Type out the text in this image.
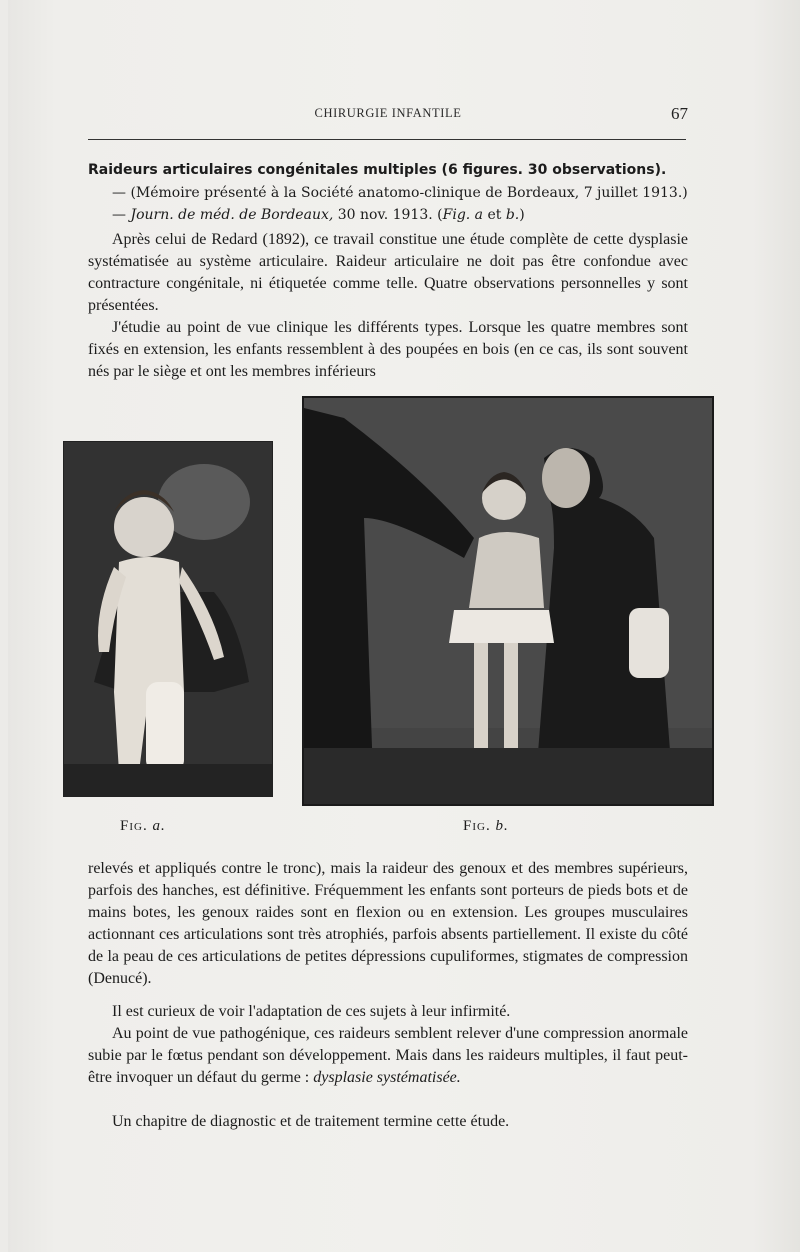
CHIRURGIE INFANTILE	67
Raideurs articulaires congénitales multiples (6 figures. 30 observations).
— (Mémoire présenté à la Société anatomo-clinique de Bordeaux, 7 juillet 1913.) — Journ. de méd. de Bordeaux, 30 nov. 1913. (Fig. a et b.)
Après celui de Redard (1892), ce travail constitue une étude complète de cette dysplasie systématisée au système articulaire. Raideur articulaire ne doit pas être confondue avec contracture congénitale, ni étiquetée comme telle. Quatre observations personnelles y sont présentées.
J'étudie au point de vue clinique les différents types. Lorsque les quatre membres sont fixés en extension, les enfants ressemblent à des poupées en bois (en ce cas, ils sont souvent nés par le siège et ont les membres inférieurs
Fig. a.	Fig. b.
relevés et appliqués contre le tronc), mais la raideur des genoux et des membres supérieurs, parfois des hanches, est définitive. Fréquemment les enfants sont porteurs de pieds bots et de mains botes, les genoux raides sont en flexion ou en extension. Les groupes musculaires actionnant ces articulations sont très atrophiés, parfois absents partiellement. Il existe du côté de la peau de ces articulations de petites dépressions cupuliformes, stigmates de compression (Denucé).
Il est curieux de voir l'adaptation de ces sujets à leur infirmité.
Au point de vue pathogénique, ces raideurs semblent relever d'une compression anormale subie par le fœtus pendant son développement. Mais dans les raideurs multiples, il faut peut-être invoquer un défaut du germe : dysplasie systématisée.
Un chapitre de diagnostic et de traitement termine cette étude.
